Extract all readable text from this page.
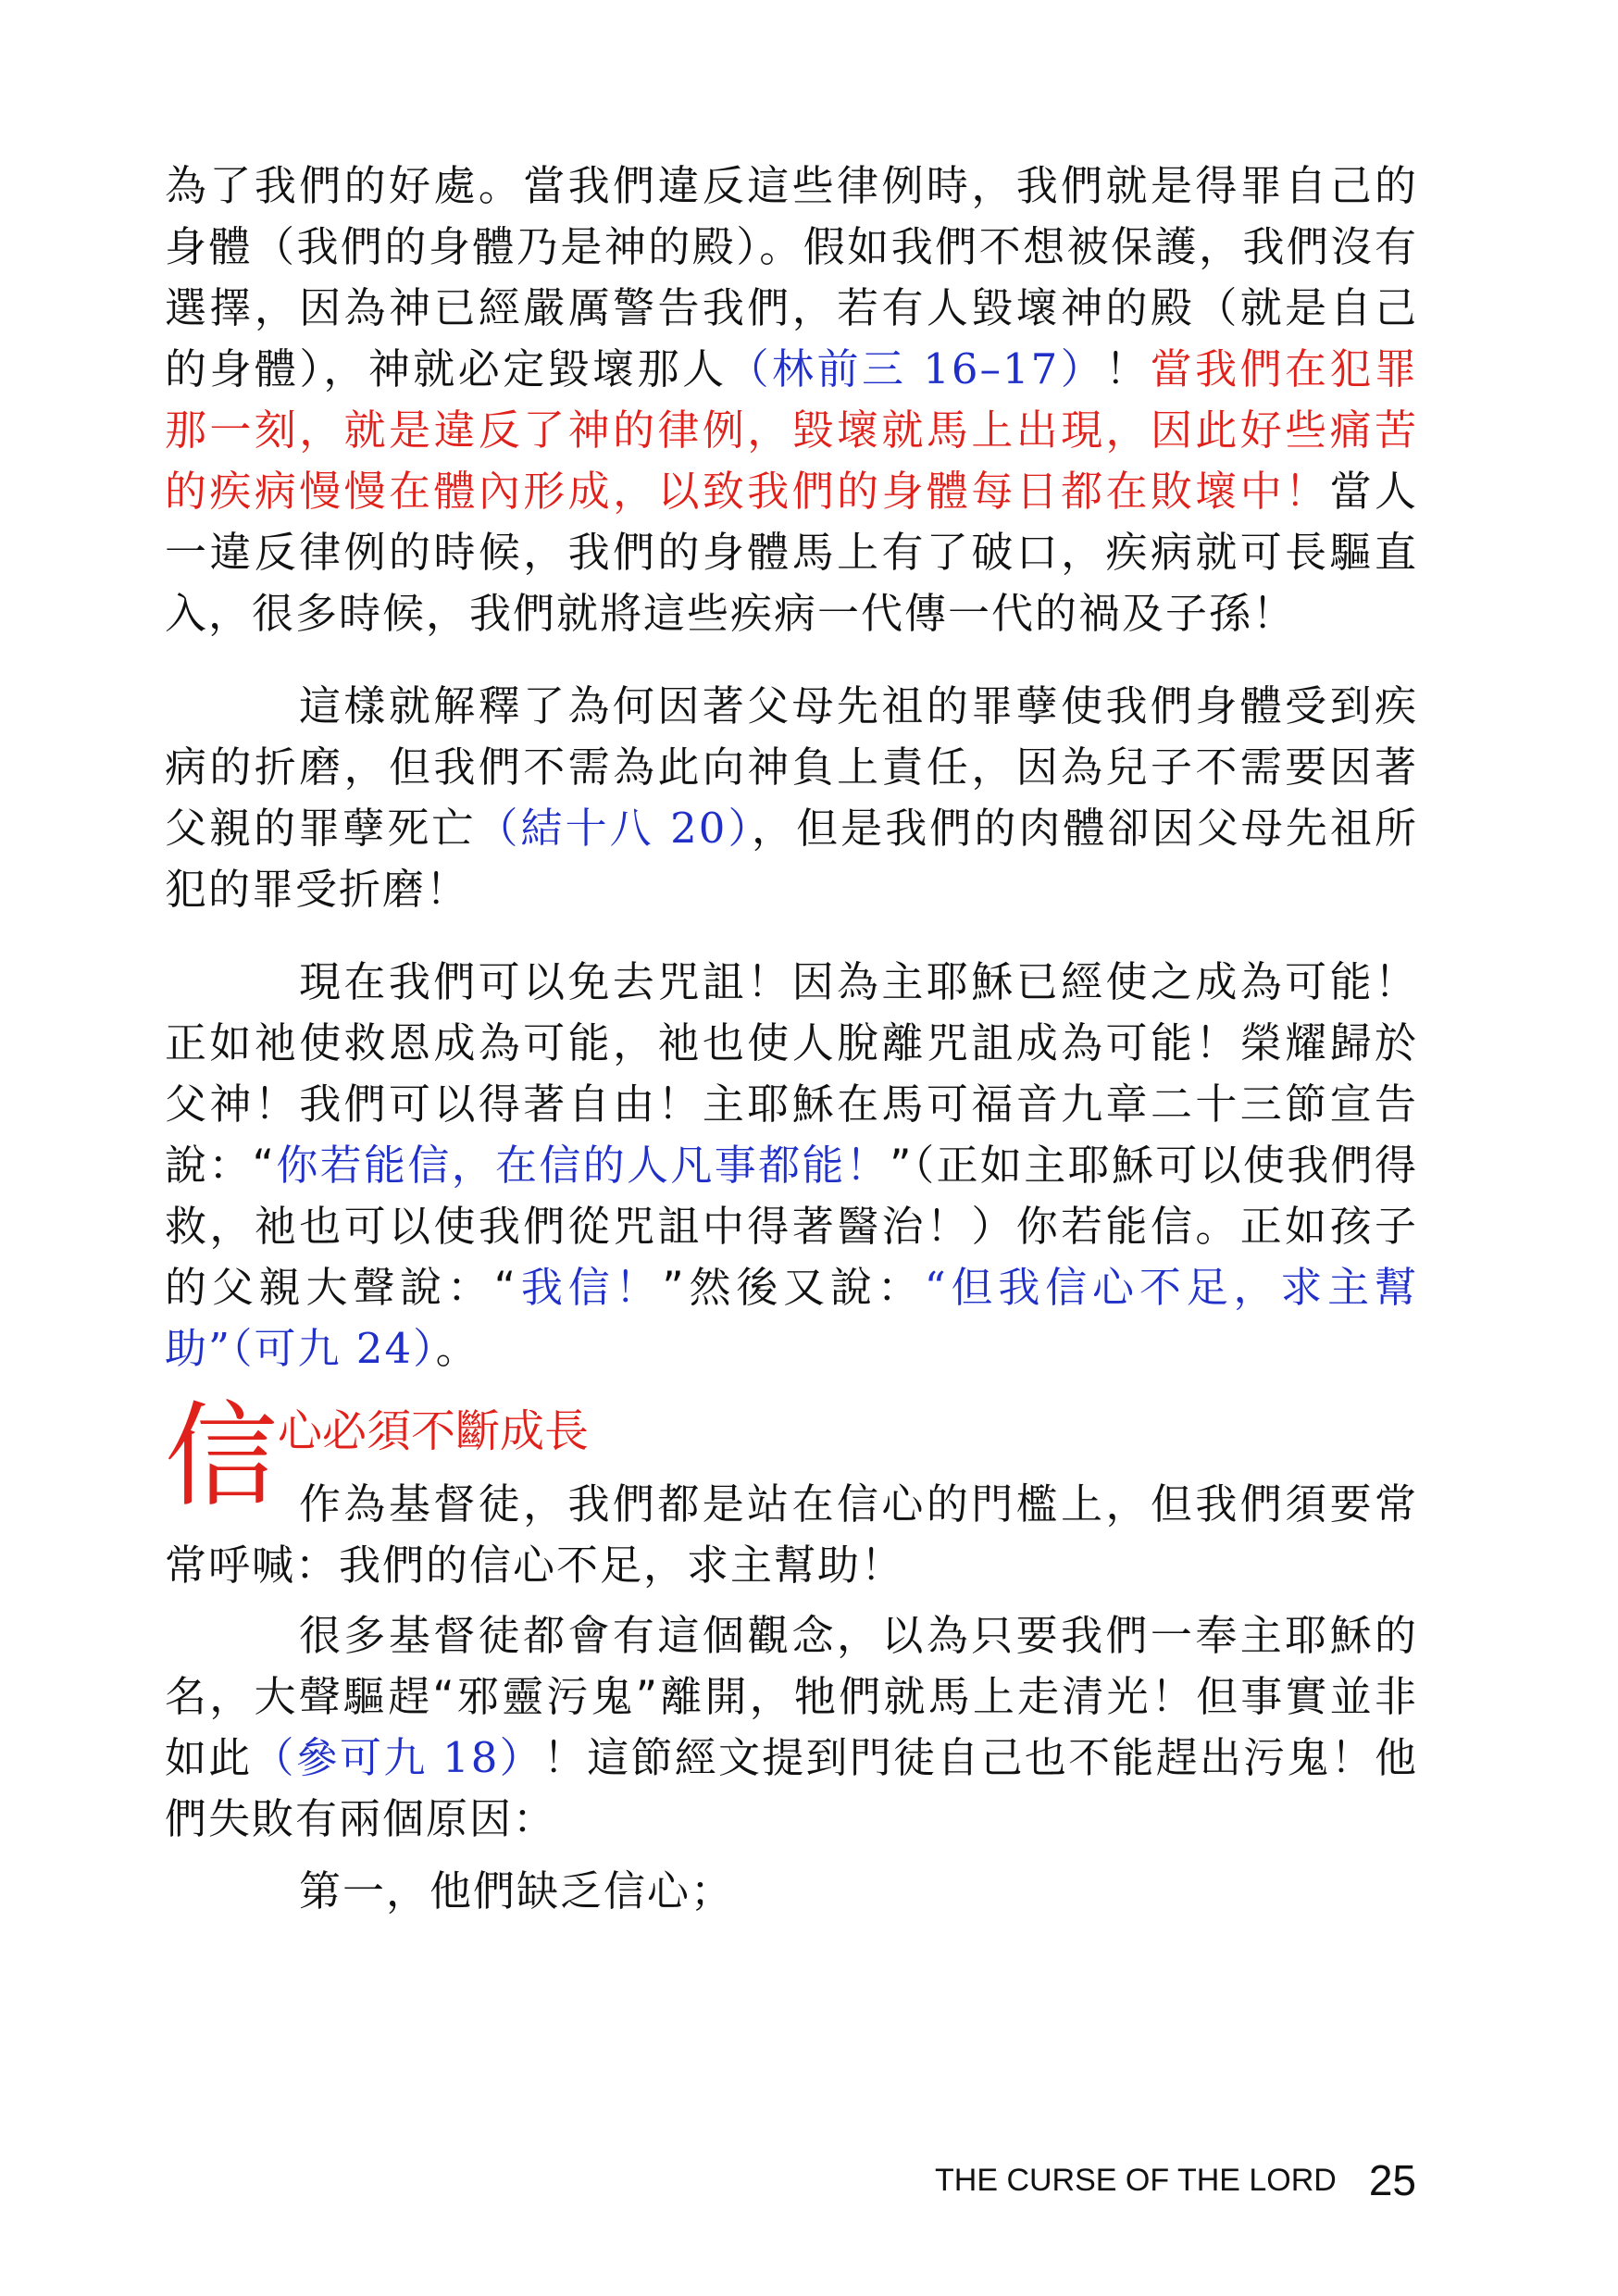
為了我們的好處。當我們違反這些律例時，我們就是得罪自己的身體（我們的身體乃是神的殿）。假如我們不想被保護，我們沒有選擇，因為神已經嚴厲警告我們，若有人毀壞神的殿（就是自己的身體），神就必定毀壞那人（林前三 16–17）！當我們在犯罪那一刻，就是違反了神的律例，毀壞就馬上出現，因此好些痛苦的疾病慢慢在體內形成，以致我們的身體每日都在敗壞中！當人一違反律例的時候，我們的身體馬上有了破口，疾病就可長驅直入，很多時候，我們就將這些疾病一代傳一代的禍及子孫！

這樣就解釋了為何因著父母先祖的罪孽使我們身體受到疾病的折磨，但我們不需為此向神負上責任，因為兒子不需要因著父親的罪孽死亡（結十八 20），但是我們的肉體卻因父母先祖所犯的罪受折磨！

現在我們可以免去咒詛！因為主耶穌已經使之成為可能！正如祂使救恩成為可能，祂也使人脫離咒詛成為可能！榮耀歸於父神！我們可以得著自由！主耶穌在馬可福音九章二十三節宣告說：“你若能信，在信的人凡事都能！”（正如主耶穌可以使我們得救，祂也可以使我們從咒詛中得著醫治！）你若能信。正如孩子的父親大聲說：“我信！”然後又說：“但我信心不足，求主幫助”（可九 24）。

信 心必須不斷成長

作為基督徒，我們都是站在信心的門檻上，但我們須要常常呼喊：我們的信心不足，求主幫助！

很多基督徒都會有這個觀念，以為只要我們一奉主耶穌的名，大聲驅趕“邪靈污鬼”離開，牠們就馬上走清光！但事實並非如此（參可九 18）！這節經文提到門徒自己也不能趕出污鬼！他們失敗有兩個原因：

第一，他們缺乏信心；

THE CURSE OF THE LORD 25
